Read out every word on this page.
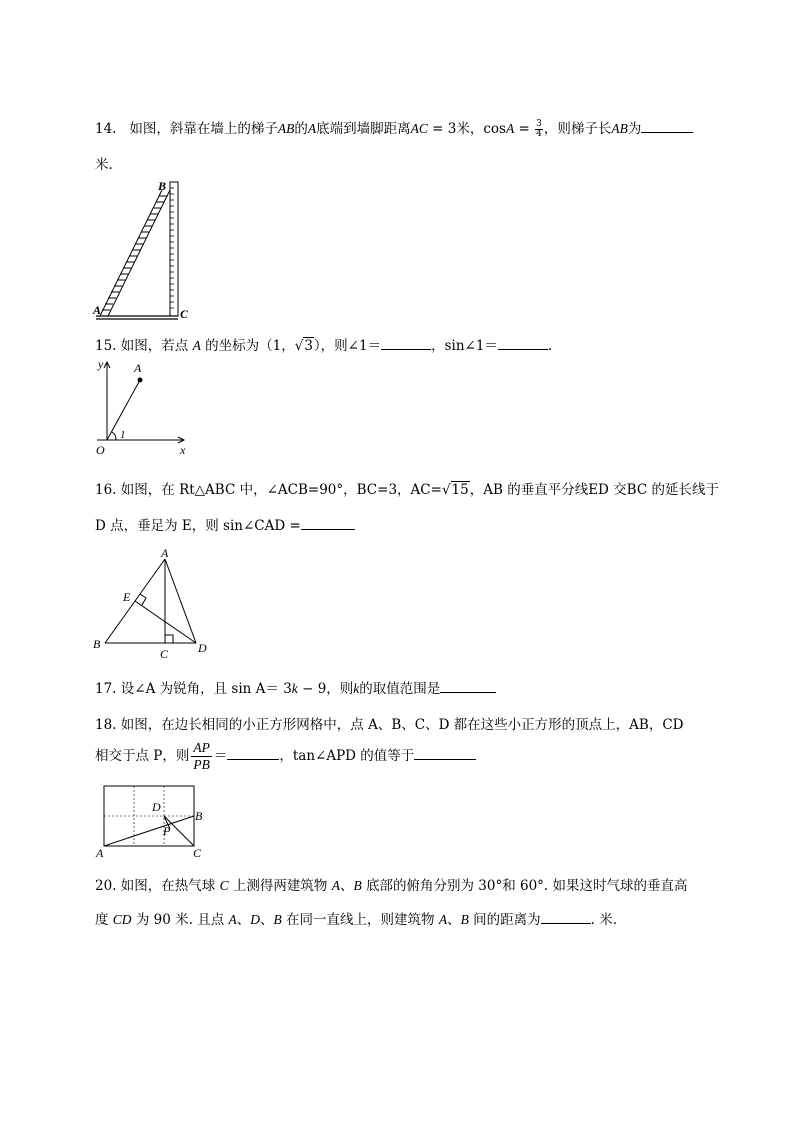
14. 如图，斜靠在墙上的梯子AB的A底端到墙脚距离AC = 3米，$\cos A = \frac{3}{4}$ ，则梯子长AB为
米.
B
A	C
15. 如图，若点 A 的坐标为（1，√3），则∠1＝	，sin∠1＝	.
y
x
A
O
1
16. 如图，在 Rt△ABC 中，∠ACB=90°，BC=3，AC=√15，AB 的垂直平分线ED 交BC 的延长线于
D 点，垂足为 E，则 sin∠CAD =
A
E
B
C D
17. 设∠A 为锐角，且 sin A＝ 3k − 9，则k的取值范围是
18. 如图，在边长相同的小正方形网格中，点 A、B、C、D 都在这些小正方形的顶点上，AB，CD
相交于点 P，则 $\frac{AP}{PB}$ ＝	，tan∠APD 的值等于
A
B
C
D
P
20. 如图，在热气球 C 上测得两建筑物 A、B 底部的俯角分别为 30°和 60°. 如果这时气球的垂直高
度 CD 为 90 米. 且点 A、D、B 在同一直线上，则建筑物 A、B 间的距离为	. 米.
